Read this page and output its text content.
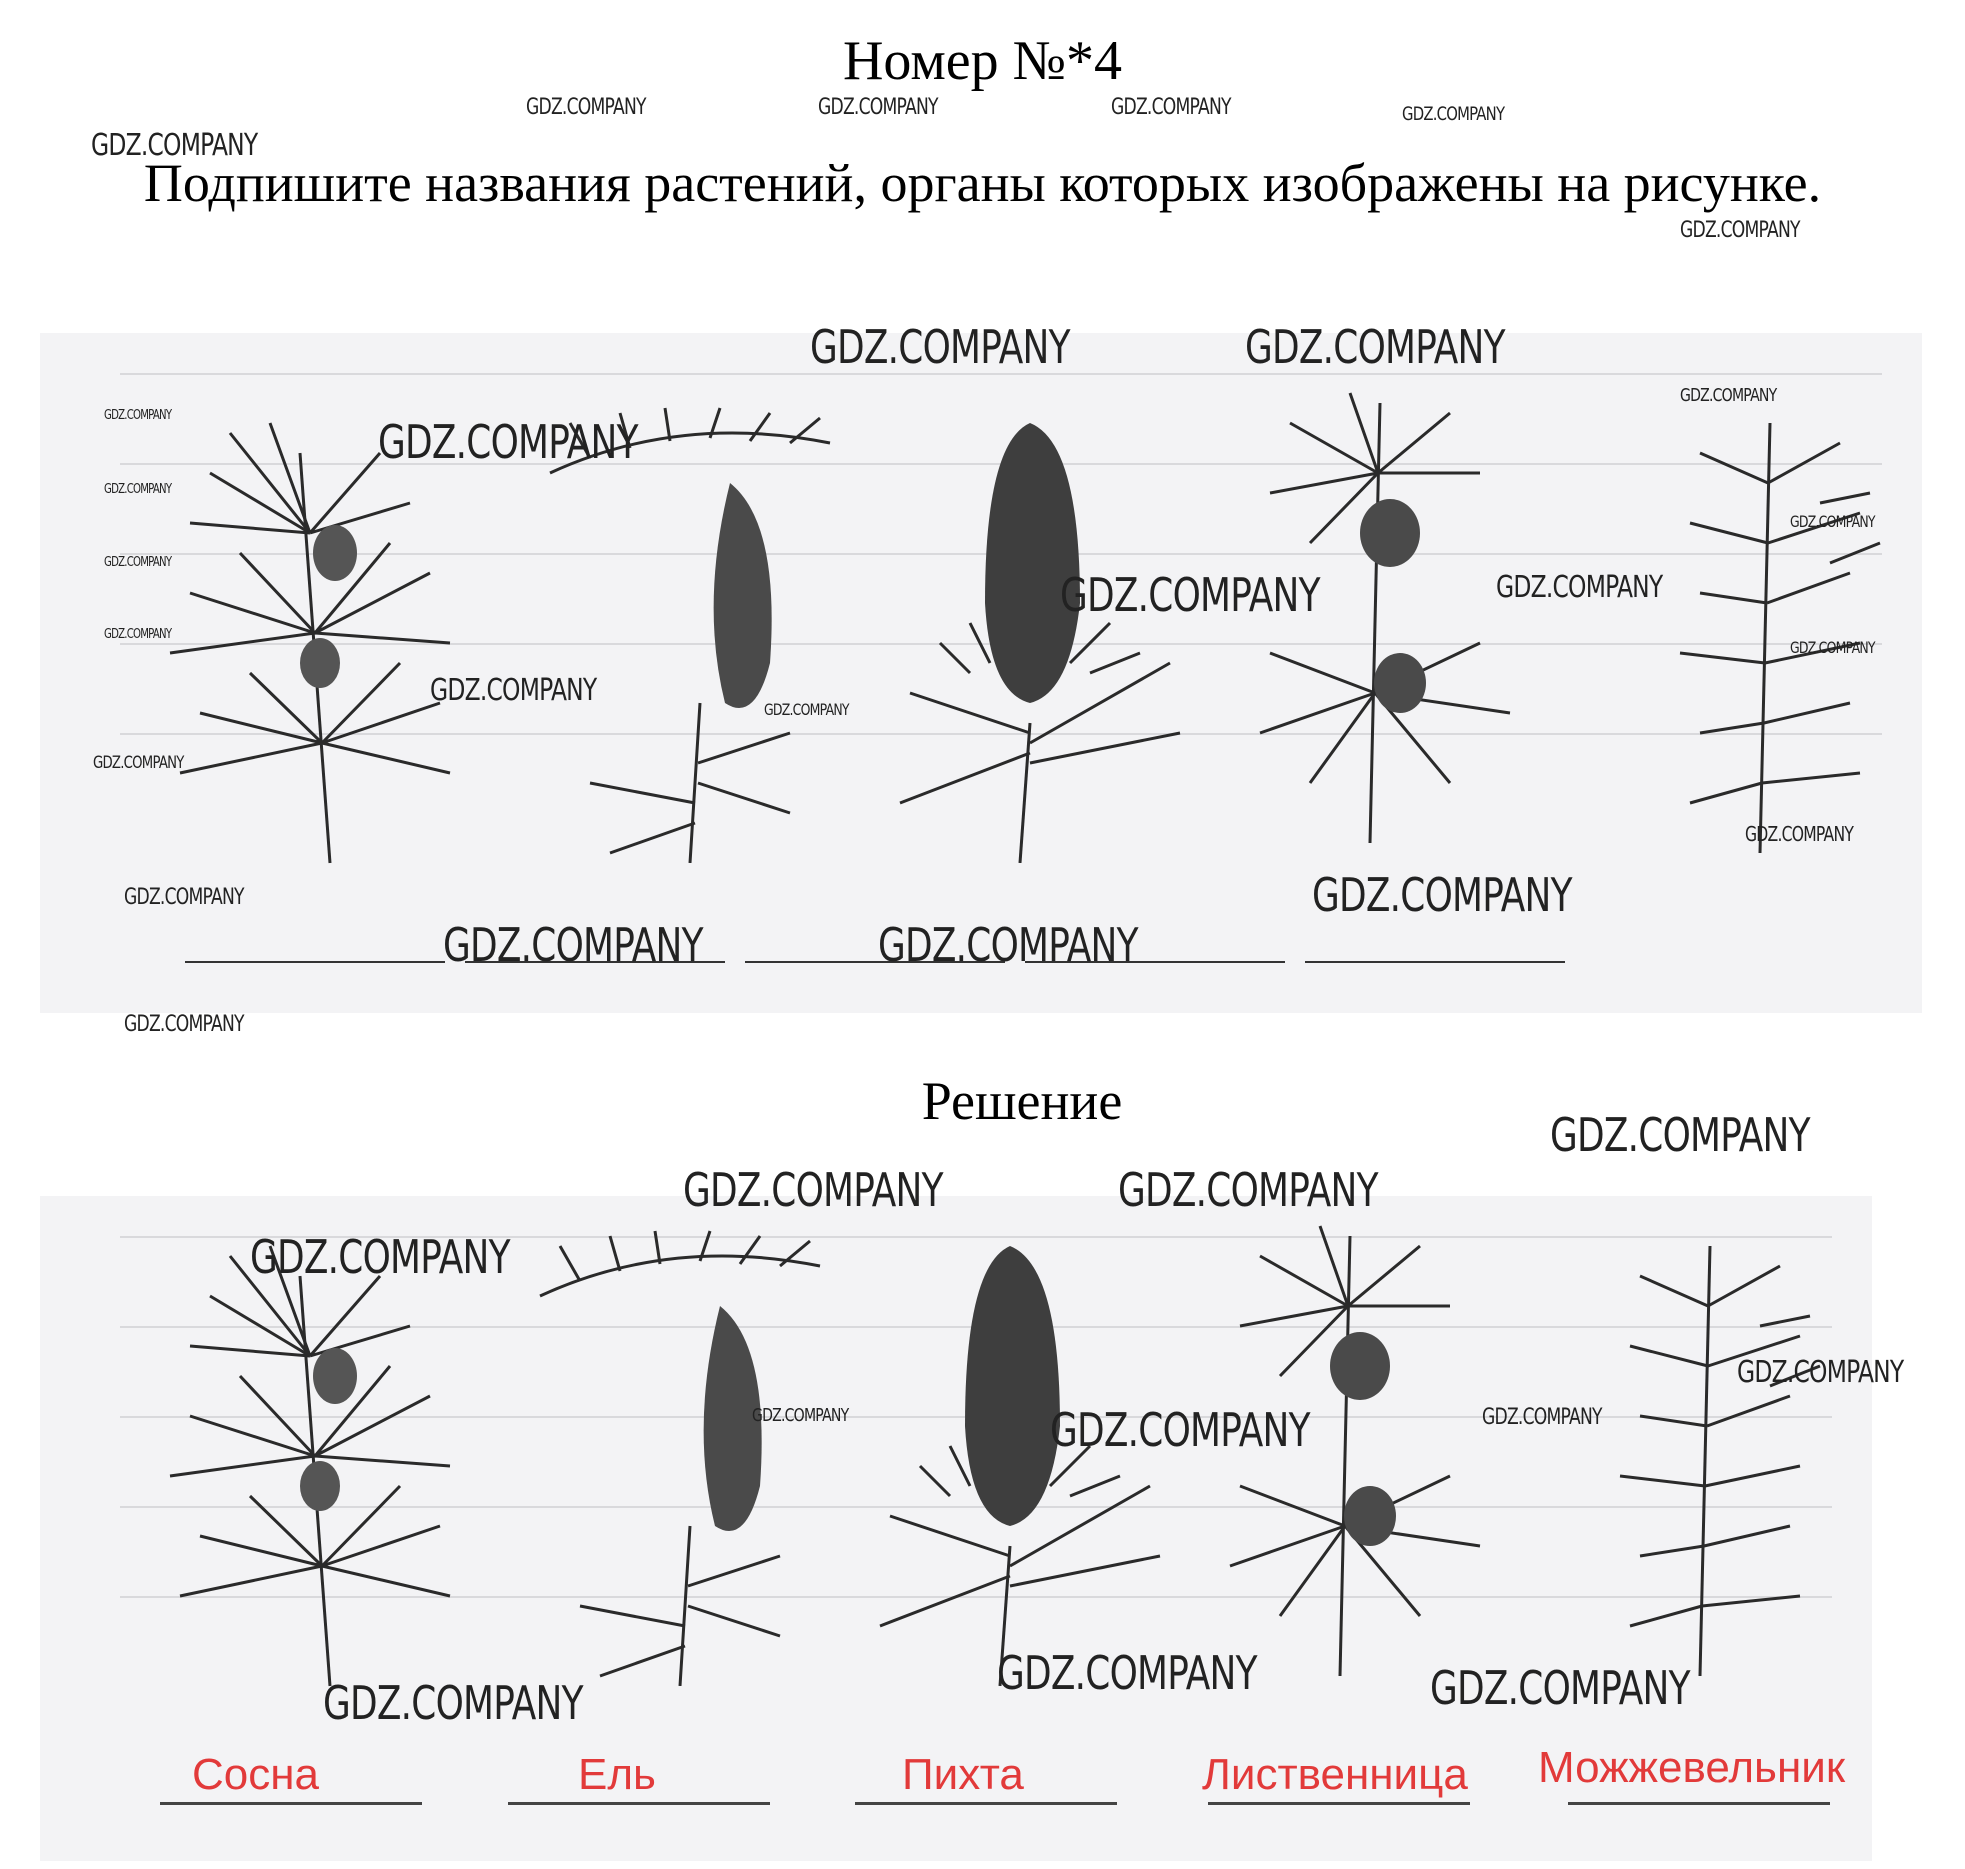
Номер №*4
Подпишите названия растений, органы которых изображены на рисунке.
Решение
Сосна	Ель	Пихта	Лиственница Можжевельник
GDZ.COMPANY	GDZ.COMPANY	GDZ.COMPANY	GDZ.COMPANY
GDZ.COMPANY
GDZ.COMPANY
GDZ.COMPANY	GDZ.COMPANY
GDZ.COMPANY
GDZ.COMPANY	GDZ.COMPANY
GDZ.COMPANY
GDZ.COMPANY
GDZ.COMPANY
GDZ.COMPANY	GDZ.COMPANY
GDZ.COMPANY
GDZ.COMPANY
GDZ.COMPANY
GDZ.COMPANY
GDZ.COMPANY
GDZ.COMPANY
GDZ.COMPANY
GDZ.COMPANY
GDZ.COMPANY	GDZ.COMPANY
GDZ.COMPANY
GDZ.COMPANY
GDZ.COMPANY	GDZ.COMPANY
GDZ.COMPANY
GDZ.COMPANY
GDZ.COMPANY	GDZ.COMPANY
GDZ.COMPANY
GDZ.COMPANY	GDZ.COMPANY
GDZ.COMPANY
